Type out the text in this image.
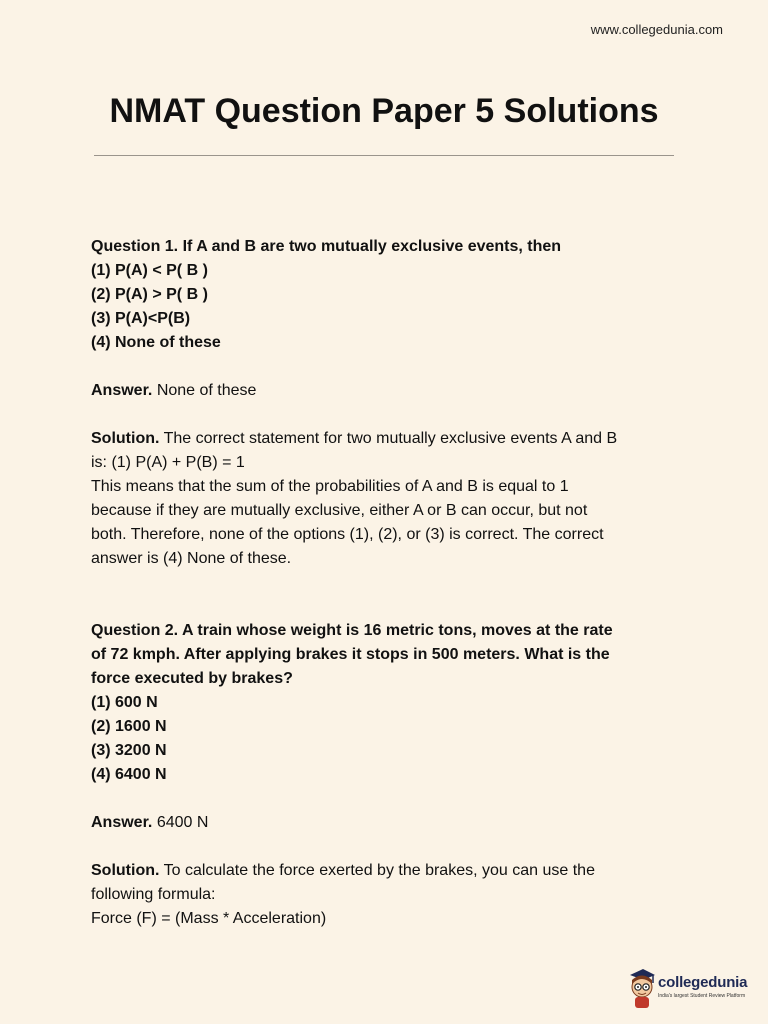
www.collegedunia.com
NMAT Question Paper 5 Solutions

Question 1. If A and B are two mutually exclusive events, then

(1) P(A) < P( B )

(2) P(A) > P( B )

(3) P(A)<P(B)

(4) None of these

Answer. None of these

Solution. The correct statement for two mutually exclusive events A and B

is: (1) P(A) + P(B) = 1

This means that the sum of the probabilities of A and B is equal to 1

because if they are mutually exclusive, either A or B can occur, but not

both. Therefore, none of the options (1), (2), or (3) is correct. The correct

answer is (4) None of these.

Question 2. A train whose weight is 16 metric tons, moves at the rate

of 72 kmph. After applying brakes it stops in 500 meters. What is the

force executed by brakes?

(1) 600 N

(2) 1600 N

(3) 3200 N

(4) 6400 N

Answer. 6400 N

Solution. To calculate the force exerted by the brakes, you can use the

following formula:

Force (F) = (Mass * Acceleration)

collegedunia
India's largest Student Review Platform
